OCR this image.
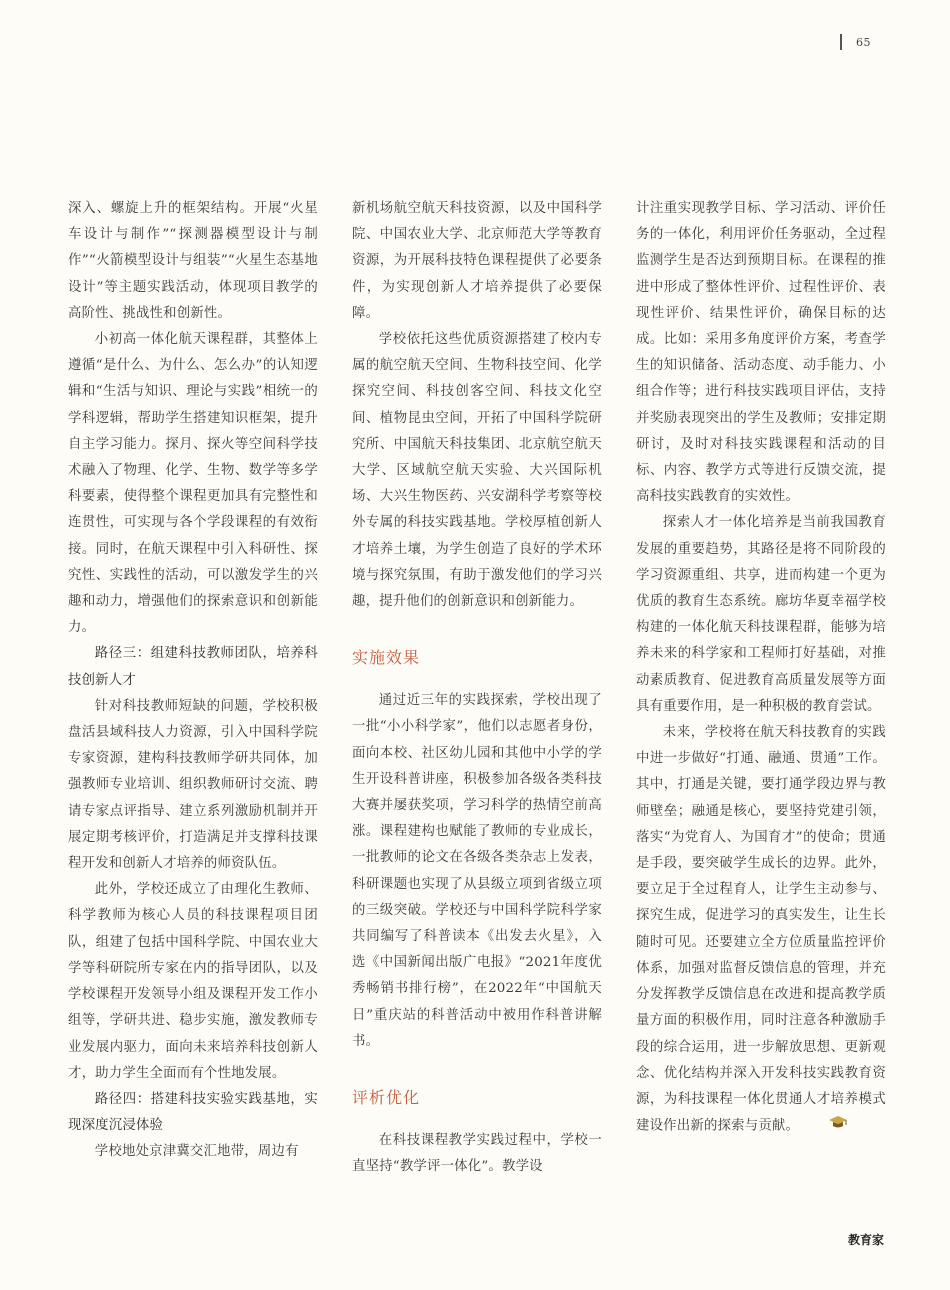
65

深入、螺旋上升的框架结构。开展“火星车设计与制作”“探测器模型设计与制作”“火箭模型设计与组装”“火星生态基地设计”等主题实践活动，体现项目教学的高阶性、挑战性和创新性。

小初高一体化航天课程群，其整体上遵循“是什么、为什么、怎么办”的认知逻辑和“生活与知识、理论与实践”相统一的学科逻辑，帮助学生搭建知识框架，提升自主学习能力。探月、探火等空间科学技术融入了物理、化学、生物、数学等多学科要素，使得整个课程更加具有完整性和连贯性，可实现与各个学段课程的有效衔接。同时，在航天课程中引入科研性、探究性、实践性的活动，可以激发学生的兴趣和动力，增强他们的探索意识和创新能力。

路径三：组建科技教师团队，培养科技创新人才

针对科技教师短缺的问题，学校积极盘活县域科技人力资源，引入中国科学院专家资源，建构科技教师学研共同体，加强教师专业培训、组织教师研讨交流、聘请专家点评指导、建立系列激励机制并开展定期考核评价，打造满足并支撑科技课程开发和创新人才培养的师资队伍。

此外，学校还成立了由理化生教师、科学教师为核心人员的科技课程项目团队，组建了包括中国科学院、中国农业大学等科研院所专家在内的指导团队，以及学校课程开发领导小组及课程开发工作小组等，学研共进、稳步实施，激发教师专业发展内驱力，面向未来培养科技创新人才，助力学生全面而有个性地发展。

路径四：搭建科技实验实践基地，实现深度沉浸体验

学校地处京津冀交汇地带，周边有

新机场航空航天科技资源，以及中国科学院、中国农业大学、北京师范大学等教育资源，为开展科技特色课程提供了必要条件，为实现创新人才培养提供了必要保障。

学校依托这些优质资源搭建了校内专属的航空航天空间、生物科技空间、化学探究空间、科技创客空间、科技文化空间、植物昆虫空间，开拓了中国科学院研究所、中国航天科技集团、北京航空航天大学、区域航空航天实验、大兴国际机场、大兴生物医药、兴安湖科学考察等校外专属的科技实践基地。学校厚植创新人才培养土壤，为学生创造了良好的学术环境与探究氛围，有助于激发他们的学习兴趣，提升他们的创新意识和创新能力。

实施效果

通过近三年的实践探索，学校出现了一批“小小科学家”，他们以志愿者身份，面向本校、社区幼儿园和其他中小学的学生开设科普讲座，积极参加各级各类科技大赛并屡获奖项，学习科学的热情空前高涨。课程建构也赋能了教师的专业成长，一批教师的论文在各级各类杂志上发表，科研课题也实现了从县级立项到省级立项的三级突破。学校还与中国科学院科学家共同编写了科普读本《出发去火星》，入选《中国新闻出版广电报》“2021年度优秀畅销书排行榜”，在2022年“中国航天日”重庆站的科普活动中被用作科普讲解书。

评析优化

在科技课程教学实践过程中，学校一直坚持“教学评一体化”。教学设

计注重实现教学目标、学习活动、评价任务的一体化，利用评价任务驱动，全过程监测学生是否达到预期目标。在课程的推进中形成了整体性评价、过程性评价、表现性评价、结果性评价，确保目标的达成。比如：采用多角度评价方案，考查学生的知识储备、活动态度、动手能力、小组合作等；进行科技实践项目评估，支持并奖励表现突出的学生及教师；安排定期研讨，及时对科技实践课程和活动的目标、内容、教学方式等进行反馈交流，提高科技实践教育的实效性。

探索人才一体化培养是当前我国教育发展的重要趋势，其路径是将不同阶段的学习资源重组、共享，进而构建一个更为优质的教育生态系统。廊坊华夏幸福学校构建的一体化航天科技课程群，能够为培养未来的科学家和工程师打好基础，对推动素质教育、促进教育高质量发展等方面具有重要作用，是一种积极的教育尝试。

未来，学校将在航天科技教育的实践中进一步做好“打通、融通、贯通”工作。其中，打通是关键，要打通学段边界与教师壁垒；融通是核心，要坚持党建引领，落实“为党育人、为国育才”的使命；贯通是手段，要突破学生成长的边界。此外，要立足于全过程育人，让学生主动参与、探究生成，促进学习的真实发生，让生长随时可见。还要建立全方位质量监控评价体系，加强对监督反馈信息的管理，并充分发挥教学反馈信息在改进和提高教学质量方面的积极作用，同时注意各种激励手段的综合运用，进一步解放思想、更新观念、优化结构并深入开发科技实践教育资源，为科技课程一体化贯通人才培养模式建设作出新的探索与贡献。

教育家
